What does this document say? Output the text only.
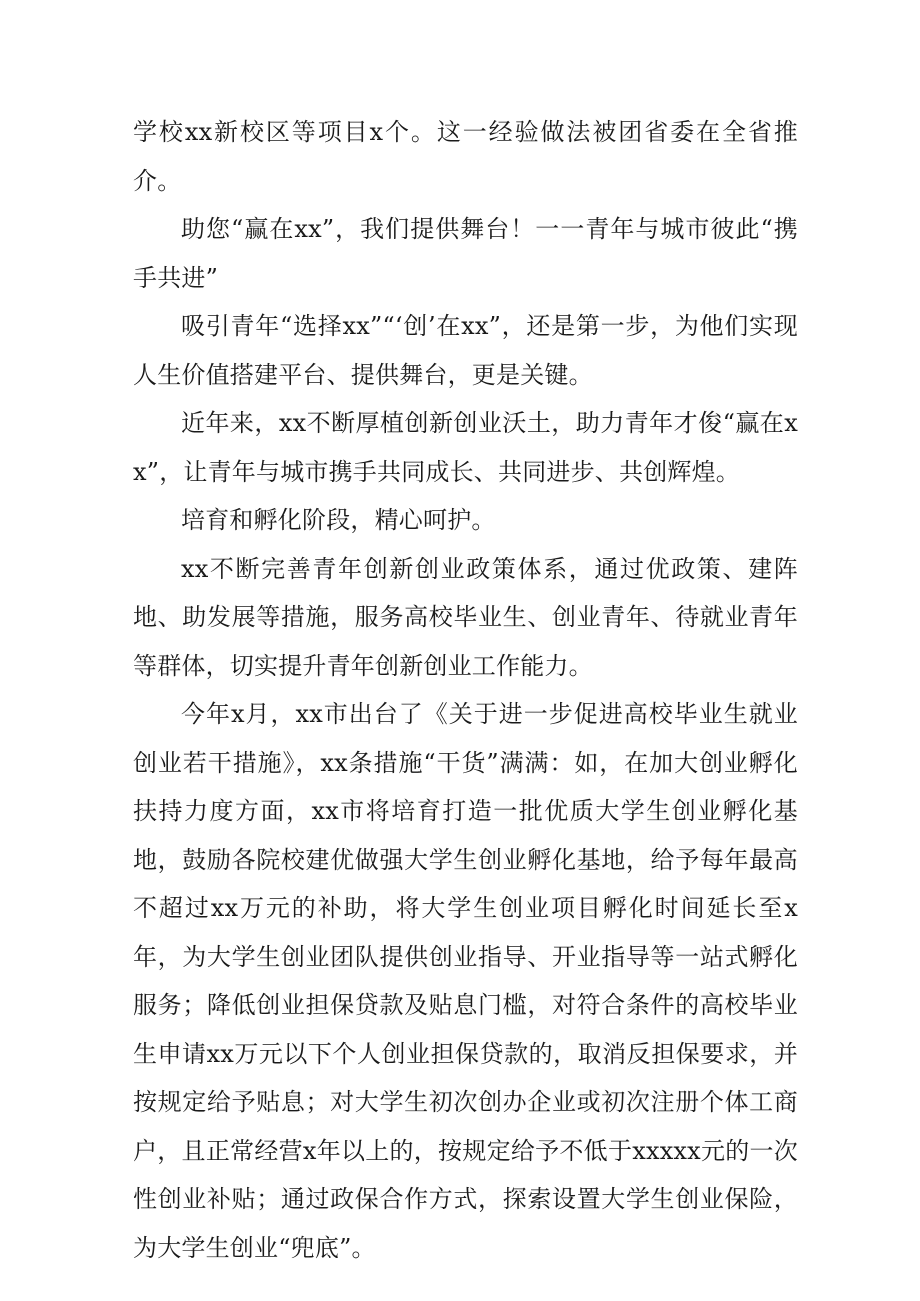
学校xx新校区等项目x个。这一经验做法被团省委在全省推介。

助您“赢在xx”，我们提供舞台！一一青年与城市彼此“携手共进”

吸引青年“选择xx”“‘创’在xx”，还是第一步，为他们实现人生价值搭建平台、提供舞台，更是关键。

近年来，xx不断厚植创新创业沃土，助力青年才俊“赢在xx”，让青年与城市携手共同成长、共同进步、共创辉煌。

培育和孵化阶段，精心呵护。

xx不断完善青年创新创业政策体系，通过优政策、建阵地、助发展等措施，服务高校毕业生、创业青年、待就业青年等群体，切实提升青年创新创业工作能力。

今年x月，xx市出台了《关于进一步促进高校毕业生就业创业若干措施》，xx条措施“干货”满满：如，在加大创业孵化扶持力度方面，xx市将培育打造一批优质大学生创业孵化基地，鼓励各院校建优做强大学生创业孵化基地，给予每年最高不超过xx万元的补助，将大学生创业项目孵化时间延长至x年，为大学生创业团队提供创业指导、开业指导等一站式孵化服务；降低创业担保贷款及贴息门槛，对符合条件的高校毕业生申请xx万元以下个人创业担保贷款的，取消反担保要求，并按规定给予贴息；对大学生初次创办企业或初次注册个体工商户，且正常经营x年以上的，按规定给予不低于xxxxx元的一次性创业补贴；通过政保合作方式，探索设置大学生创业保险，为大学生创业“兜底”。
